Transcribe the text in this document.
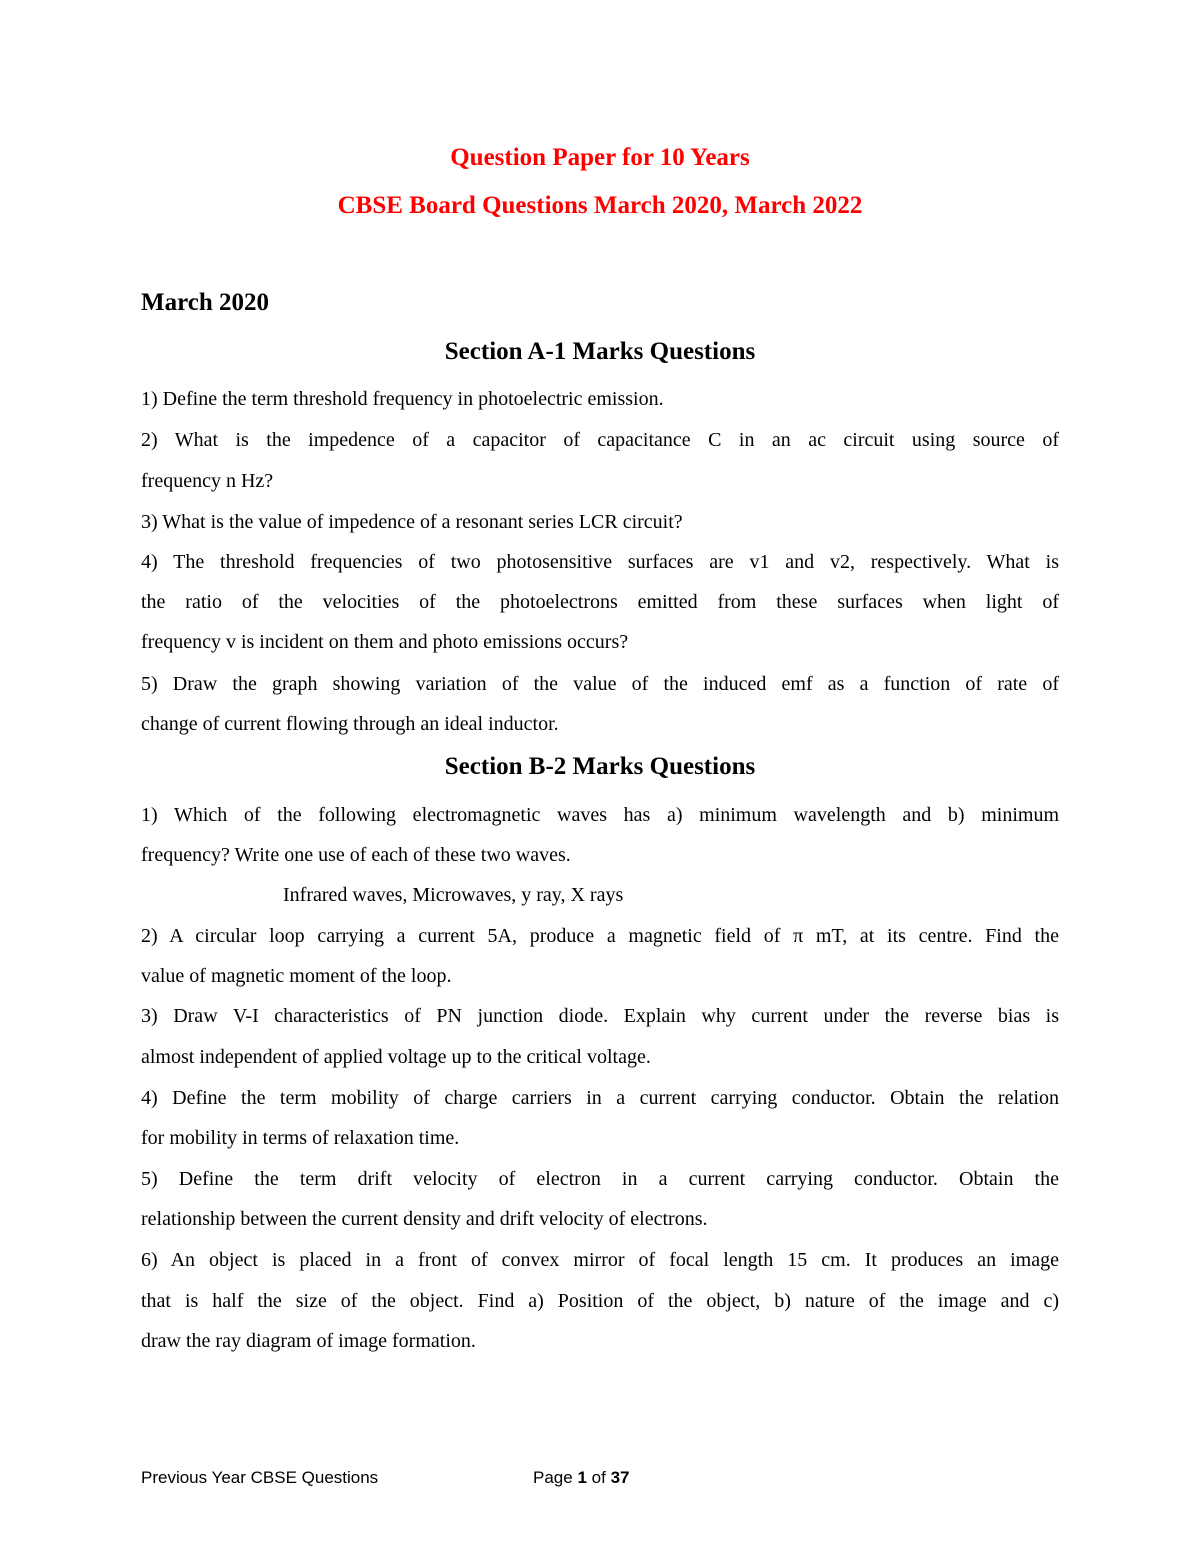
Question Paper for 10 Years
CBSE Board Questions March 2020, March 2022
March 2020
Section A-1 Marks Questions
1) Define the term threshold frequency in photoelectric emission.
2) What is the impedence of a capacitor of capacitance C in an ac circuit using source of
frequency n Hz?
3) What is the value of impedence of a resonant series LCR circuit?
4) The threshold frequencies of two photosensitive surfaces are v1 and v2, respectively. What is
the ratio of the velocities of the photoelectrons emitted from these surfaces when light of
frequency v is incident on them and photo emissions occurs?
5) Draw the graph showing variation of the value of the induced emf as a function of rate of
change of current flowing through an ideal inductor.
Section B-2 Marks Questions
1) Which of the following electromagnetic waves has a) minimum wavelength and b) minimum
frequency? Write one use of each of these two waves.
Infrared waves, Microwaves, y ray, X rays
2) A circular loop carrying a current 5A, produce a magnetic field of π mT, at its centre. Find the
value of magnetic moment of the loop.
3) Draw V-I characteristics of PN junction diode. Explain why current under the reverse bias is
almost independent of applied voltage up to the critical voltage.
4) Define the term mobility of charge carriers in a current carrying conductor. Obtain the relation
for mobility in terms of relaxation time.
5) Define the term drift velocity of electron in a current carrying conductor. Obtain the
relationship between the current density and drift velocity of electrons.
6) An object is placed in a front of convex mirror of focal length 15 cm. It produces an image
that is half the size of the object. Find a) Position of the object, b) nature of the image and c)
draw the ray diagram of image formation.
Previous Year CBSE Questions	Page 1 of 37
